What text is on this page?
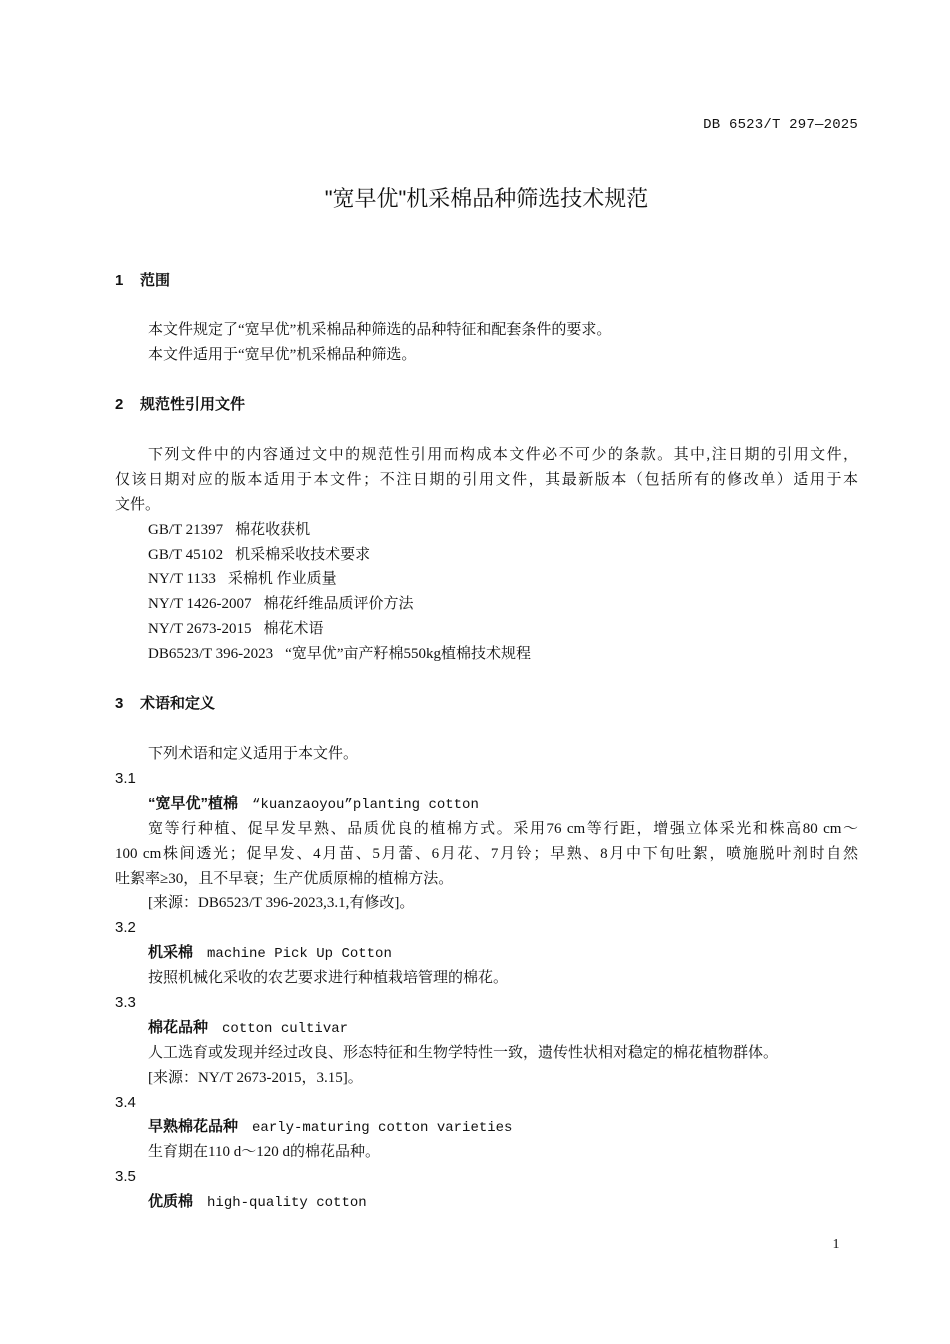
DB 6523/T 297—2025
"宽早优"机采棉品种筛选技术规范
1 范围
本文件规定了“宽早优”机采棉品种筛选的品种特征和配套条件的要求。
本文件适用于“宽早优”机采棉品种筛选。
2 规范性引用文件
下列文件中的内容通过文中的规范性引用而构成本文件必不可少的条款。其中,注日期的引用文件，
仅该日期对应的版本适用于本文件；不注日期的引用文件，其最新版本（包括所有的修改单）适用于本
文件。
GB/T 21397 棉花收获机
GB/T 45102 机采棉采收技术要求
NY/T 1133 采棉机 作业质量
NY/T 1426-2007 棉花纤维品质评价方法
NY/T 2673-2015 棉花术语
DB6523/T 396-2023 “宽早优”亩产籽棉550kg植棉技术规程
3 术语和定义
下列术语和定义适用于本文件。
3.1
“宽早优”植棉 “kuanzaoyou”planting cotton
宽等行种植、促早发早熟、品质优良的植棉方式。采用76 cm等行距，增强立体采光和株高80 cm～
100 cm株间透光；促早发、4月苗、5月蕾、6月花、7月铃；早熟、8月中下旬吐絮，喷施脱叶剂时自然
吐絮率≥30，且不早衰；生产优质原棉的植棉方法。
[来源：DB6523/T 396-2023,3.1,有修改]。
3.2
机采棉 machine Pick Up Cotton
按照机械化采收的农艺要求进行种植栽培管理的棉花。
3.3
棉花品种 cotton cultivar
人工选育或发现并经过改良、形态特征和生物学特性一致，遗传性状相对稳定的棉花植物群体。
[来源：NY/T 2673-2015，3.15]。
3.4
早熟棉花品种 early-maturing cotton varieties
生育期在110 d～120 d的棉花品种。
3.5
优质棉 high-quality cotton
1
